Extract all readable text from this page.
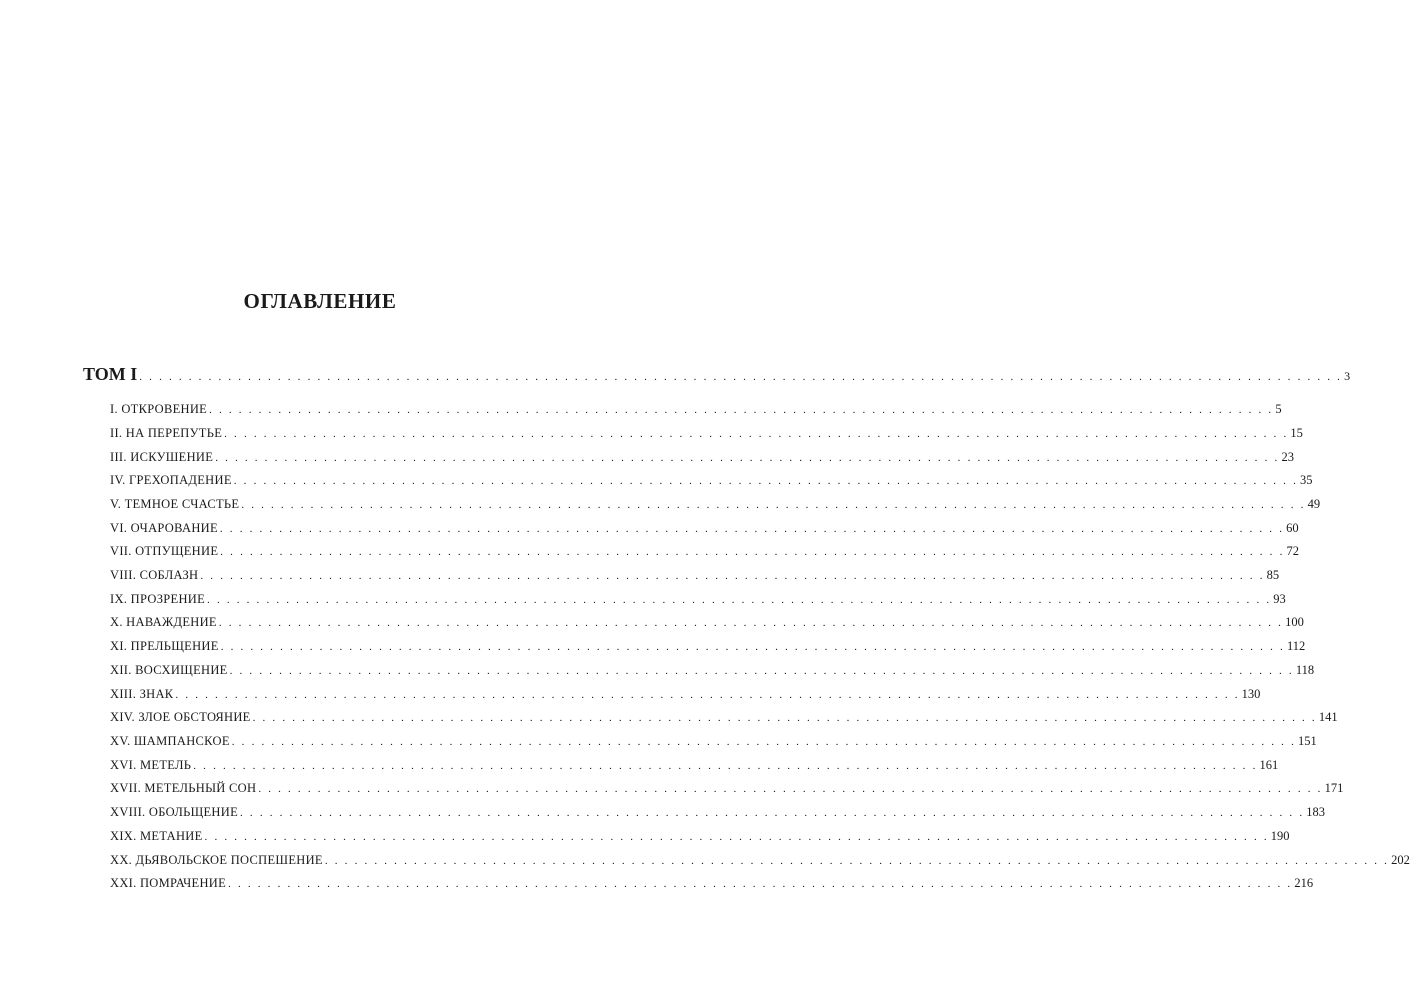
ОГЛАВЛЕНИЕ
ТОМ I . . . . . . . . . . . . . . . . . . . . . . . . . . . . . . . . . . . . . . . . . . . . . . . . . . . . . . . . . . . . . . . . . . . . . . . . . . . . . . . . . . . . . . . . . . . . . . . . . . . . . . . . . . . . . . . . . . . . . . . . . . 3
I. ОТКРОВЕНИЕ . . . . . . . . . . . . . . . . . . . . . . . . . . . . . . . . . . . . . . . . . . . . . . . . . . . . . . . . . . . . . . . . . . . . . . . . . . . . . . . . . . . . . . . . . . . . . . . . . . . . . . . . . . . . 5
II. НА ПЕРЕПУТЬЕ . . . . . . . . . . . . . . . . . . . . . . . . . . . . . . . . . . . . . . . . . . . . . . . . . . . . . . . . . . . . . . . . . . . . . . . . . . . . . . . . . . . . . . . . . . . . . . . . . . . . . . . . . . . . 15
III. ИСКУШЕНИЕ . . . . . . . . . . . . . . . . . . . . . . . . . . . . . . . . . . . . . . . . . . . . . . . . . . . . . . . . . . . . . . . . . . . . . . . . . . . . . . . . . . . . . . . . . . . . . . . . . . . . . . . . . . . . 23
IV. ГРЕХОПАДЕНИЕ . . . . . . . . . . . . . . . . . . . . . . . . . . . . . . . . . . . . . . . . . . . . . . . . . . . . . . . . . . . . . . . . . . . . . . . . . . . . . . . . . . . . . . . . . . . . . . . . . . . . . . . . . . . . 35
V. ТЕМНОЕ СЧАСТЬЕ . . . . . . . . . . . . . . . . . . . . . . . . . . . . . . . . . . . . . . . . . . . . . . . . . . . . . . . . . . . . . . . . . . . . . . . . . . . . . . . . . . . . . . . . . . . . . . . . . . . . . . . . . . . . 49
VI. ОЧАРОВАНИЕ . . . . . . . . . . . . . . . . . . . . . . . . . . . . . . . . . . . . . . . . . . . . . . . . . . . . . . . . . . . . . . . . . . . . . . . . . . . . . . . . . . . . . . . . . . . . . . . . . . . . . . . . . . . . 60
VII. ОТПУЩЕНИЕ . . . . . . . . . . . . . . . . . . . . . . . . . . . . . . . . . . . . . . . . . . . . . . . . . . . . . . . . . . . . . . . . . . . . . . . . . . . . . . . . . . . . . . . . . . . . . . . . . . . . . . . . . . . . 72
VIII. СОБЛАЗН . . . . . . . . . . . . . . . . . . . . . . . . . . . . . . . . . . . . . . . . . . . . . . . . . . . . . . . . . . . . . . . . . . . . . . . . . . . . . . . . . . . . . . . . . . . . . . . . . . . . . . . . . . . . 85
IX. ПРОЗРЕНИЕ . . . . . . . . . . . . . . . . . . . . . . . . . . . . . . . . . . . . . . . . . . . . . . . . . . . . . . . . . . . . . . . . . . . . . . . . . . . . . . . . . . . . . . . . . . . . . . . . . . . . . . . . . . . . 93
X. НАВАЖДЕНИЕ . . . . . . . . . . . . . . . . . . . . . . . . . . . . . . . . . . . . . . . . . . . . . . . . . . . . . . . . . . . . . . . . . . . . . . . . . . . . . . . . . . . . . . . . . . . . . . . . . . . . . . . . . . . . 100
XI. ПРЕЛЬЩЕНИЕ . . . . . . . . . . . . . . . . . . . . . . . . . . . . . . . . . . . . . . . . . . . . . . . . . . . . . . . . . . . . . . . . . . . . . . . . . . . . . . . . . . . . . . . . . . . . . . . . . . . . . . . . . . . . 112
XII. ВОСХИЩЕНИЕ . . . . . . . . . . . . . . . . . . . . . . . . . . . . . . . . . . . . . . . . . . . . . . . . . . . . . . . . . . . . . . . . . . . . . . . . . . . . . . . . . . . . . . . . . . . . . . . . . . . . . . . . . . . . 118
XIII. ЗНАК . . . . . . . . . . . . . . . . . . . . . . . . . . . . . . . . . . . . . . . . . . . . . . . . . . . . . . . . . . . . . . . . . . . . . . . . . . . . . . . . . . . . . . . . . . . . . . . . . . . . . . . . . . . . 130
XIV. ЗЛОЕ ОБСТОЯНИЕ . . . . . . . . . . . . . . . . . . . . . . . . . . . . . . . . . . . . . . . . . . . . . . . . . . . . . . . . . . . . . . . . . . . . . . . . . . . . . . . . . . . . . . . . . . . . . . . . . . . . . . . . . . . . 141
XV. ШАМПАНСКОЕ . . . . . . . . . . . . . . . . . . . . . . . . . . . . . . . . . . . . . . . . . . . . . . . . . . . . . . . . . . . . . . . . . . . . . . . . . . . . . . . . . . . . . . . . . . . . . . . . . . . . . . . . . . . . 151
XVI. МЕТЕЛЬ . . . . . . . . . . . . . . . . . . . . . . . . . . . . . . . . . . . . . . . . . . . . . . . . . . . . . . . . . . . . . . . . . . . . . . . . . . . . . . . . . . . . . . . . . . . . . . . . . . . . . . . . . . . . 161
XVII. МЕТЕЛЬНЫЙ СОН . . . . . . . . . . . . . . . . . . . . . . . . . . . . . . . . . . . . . . . . . . . . . . . . . . . . . . . . . . . . . . . . . . . . . . . . . . . . . . . . . . . . . . . . . . . . . . . . . . . . . . . . . . . . 171
XVIII. ОБОЛЬЩЕНИЕ . . . . . . . . . . . . . . . . . . . . . . . . . . . . . . . . . . . . . . . . . . . . . . . . . . . . . . . . . . . . . . . . . . . . . . . . . . . . . . . . . . . . . . . . . . . . . . . . . . . . . . . . . . . . 183
XIX. МЕТАНИЕ . . . . . . . . . . . . . . . . . . . . . . . . . . . . . . . . . . . . . . . . . . . . . . . . . . . . . . . . . . . . . . . . . . . . . . . . . . . . . . . . . . . . . . . . . . . . . . . . . . . . . . . . . . . . 190
XX. ДЬЯВОЛЬСКОЕ ПОСПЕШЕНИЕ . . . . . . . . . . . . . . . . . . . . . . . . . . . . . . . . . . . . . . . . . . . . . . . . . . . . . . . . . . . . . . . . . . . . . . . . . . . . . . . . . . . . . . . . . . . . . . . . . . . . . . . . . . . . 202
XXI. ПОМРАЧЕНИЕ . . . . . . . . . . . . . . . . . . . . . . . . . . . . . . . . . . . . . . . . . . . . . . . . . . . . . . . . . . . . . . . . . . . . . . . . . . . . . . . . . . . . . . . . . . . . . . . . . . . . . . . . . . . . 216
